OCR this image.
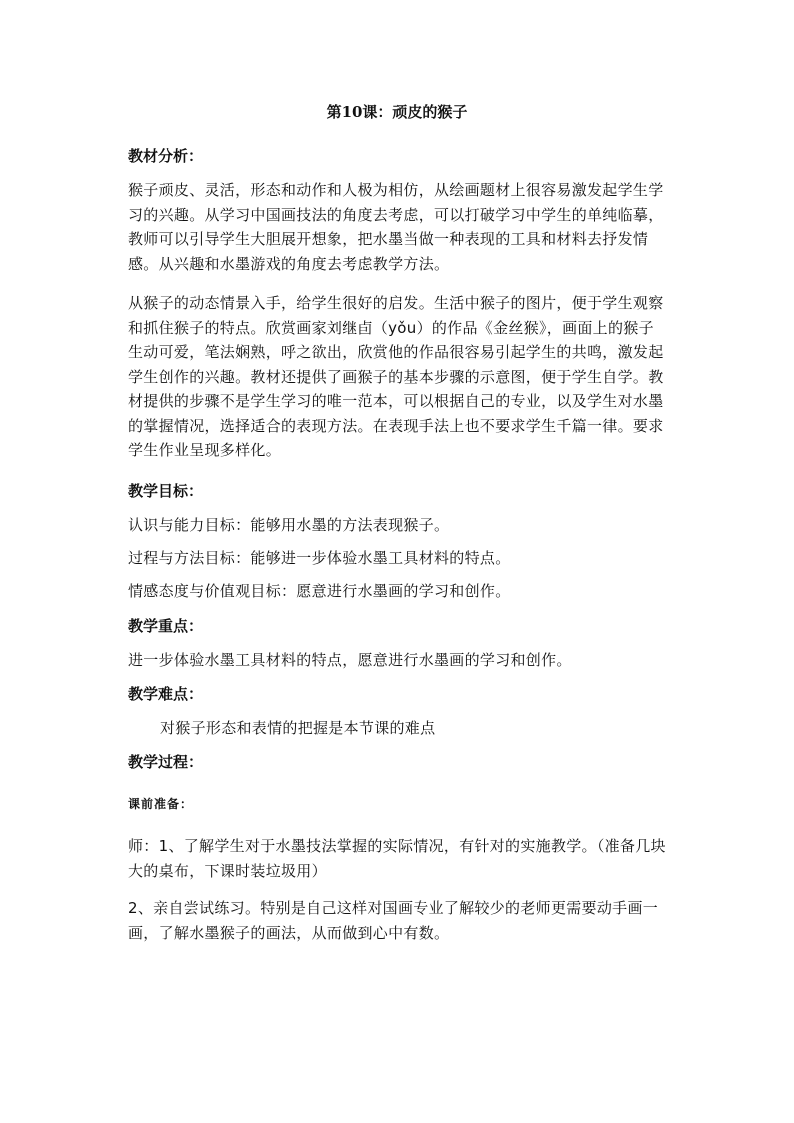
第10课：顽皮的猴子
教材分析：
猴子顽皮、灵活，形态和动作和人极为相仿，从绘画题材上很容易激发起学生学习的兴趣。从学习中国画技法的角度去考虑，可以打破学习中学生的单纯临摹，教师可以引导学生大胆展开想象，把水墨当做一种表现的工具和材料去抒发情感。从兴趣和水墨游戏的角度去考虑教学方法。
从猴子的动态情景入手，给学生很好的启发。生活中猴子的图片，便于学生观察和抓住猴子的特点。欣赏画家刘继卣（yǒu）的作品《金丝猴》，画面上的猴子生动可爱，笔法娴熟，呼之欲出，欣赏他的作品很容易引起学生的共鸣，激发起学生创作的兴趣。教材还提供了画猴子的基本步骤的示意图，便于学生自学。教材提供的步骤不是学生学习的唯一范本，可以根据自己的专业，以及学生对水墨的掌握情况，选择适合的表现方法。在表现手法上也不要求学生千篇一律。要求学生作业呈现多样化。
教学目标：
认识与能力目标：能够用水墨的方法表现猴子。
过程与方法目标：能够进一步体验水墨工具材料的特点。
情感态度与价值观目标：愿意进行水墨画的学习和创作。
教学重点：
进一步体验水墨工具材料的特点，愿意进行水墨画的学习和创作。
教学难点：
对猴子形态和表情的把握是本节课的难点
教学过程：
课前准备：
师：1、了解学生对于水墨技法掌握的实际情况，有针对的实施教学。（准备几块大的桌布，下课时装垃圾用）
2、亲自尝试练习。特别是自己这样对国画专业了解较少的老师更需要动手画一画，了解水墨猴子的画法，从而做到心中有数。
